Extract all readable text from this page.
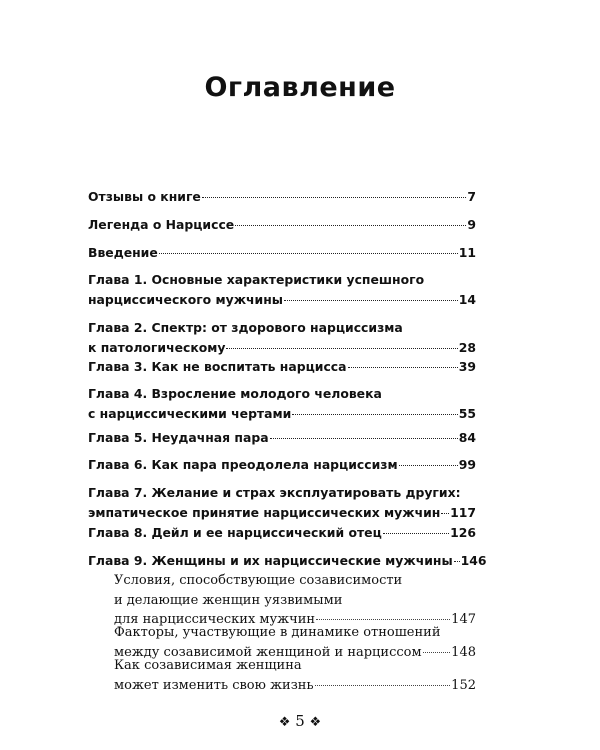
Оглавление
Отзывы о книге	7
Легенда о Нарциссе	9
Введение	11
Глава 1. Основные характеристики успешного
нарциссического мужчины	14
Глава 2. Спектр: от здорового нарциссизма
к патологическому	28
Глава 3. Как не воспитать нарцисса	39
Глава 4. Взросление молодого человека
с нарциссическими чертами	55
Глава 5. Неудачная пара	84
Глава 6. Как пара преодолела нарциссизм	99
Глава 7. Желание и страх эксплуатировать других:
эмпатическое принятие нарциссических мужчин 117
Глава 8. Дейл и ее нарциссический отец	126
Глава 9. Женщины и их нарциссические мужчины 146
Условия, способствующие созависимости
и делающие женщин уязвимыми
для нарциссических мужчин	147
Факторы, участвующие в динамике отношений
между созависимой женщиной и нарциссом 148
Как созависимая женщина
может изменить свою жизнь	152
❖ 5 ❖
